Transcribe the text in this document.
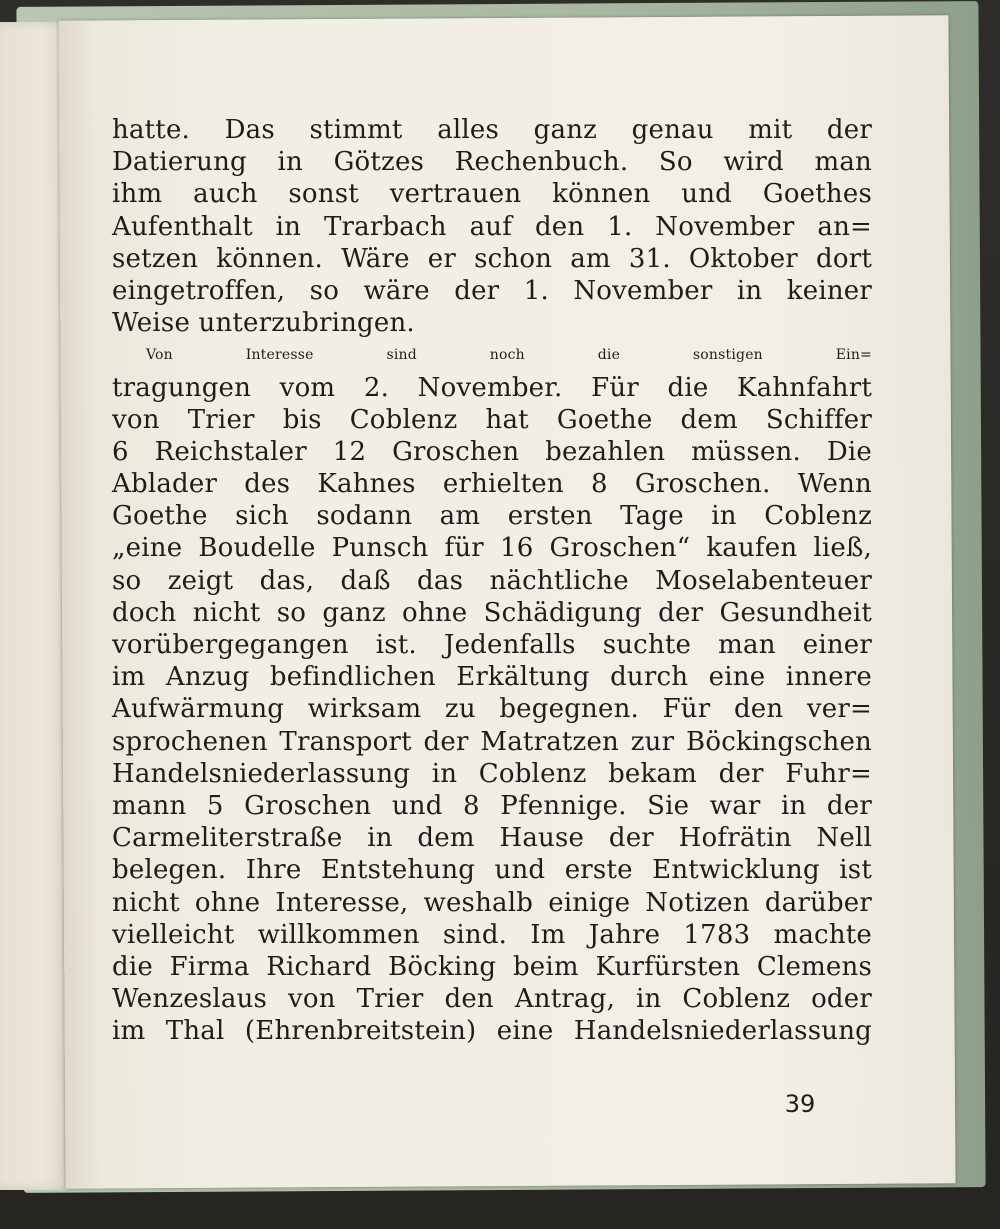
hatte. Das stimmt alles ganz genau mit der
Datierung in Götzes Rechenbuch. So wird man
ihm auch sonst vertrauen können und Goethes
Aufenthalt in Trarbach auf den 1. November an=
setzen können. Wäre er schon am 31. Oktober dort
eingetroffen, so wäre der 1. November in keiner
Weise unterzubringen.
Von Interesse sind noch die sonstigen Ein=
tragungen vom 2. November. Für die Kahnfahrt
von Trier bis Coblenz hat Goethe dem Schiffer
6 Reichstaler 12 Groschen bezahlen müssen. Die
Ablader des Kahnes erhielten 8 Groschen. Wenn
Goethe sich sodann am ersten Tage in Coblenz
„eine Boudelle Punsch für 16 Groschen“ kaufen ließ,
so zeigt das, daß das nächtliche Moselabenteuer
doch nicht so ganz ohne Schädigung der Gesundheit
vorübergegangen ist. Jedenfalls suchte man einer
im Anzug befindlichen Erkältung durch eine innere
Aufwärmung wirksam zu begegnen. Für den ver=
sprochenen Transport der Matratzen zur Böckingschen
Handelsniederlassung in Coblenz bekam der Fuhr=
mann 5 Groschen und 8 Pfennige. Sie war in der
Carmeliterstraße in dem Hause der Hofrätin Nell
belegen. Ihre Entstehung und erste Entwicklung ist
nicht ohne Interesse, weshalb einige Notizen darüber
vielleicht willkommen sind. Im Jahre 1783 machte
die Firma Richard Böcking beim Kurfürsten Clemens
Wenzeslaus von Trier den Antrag, in Coblenz oder
im Thal (Ehrenbreitstein) eine Handelsniederlassung
39
